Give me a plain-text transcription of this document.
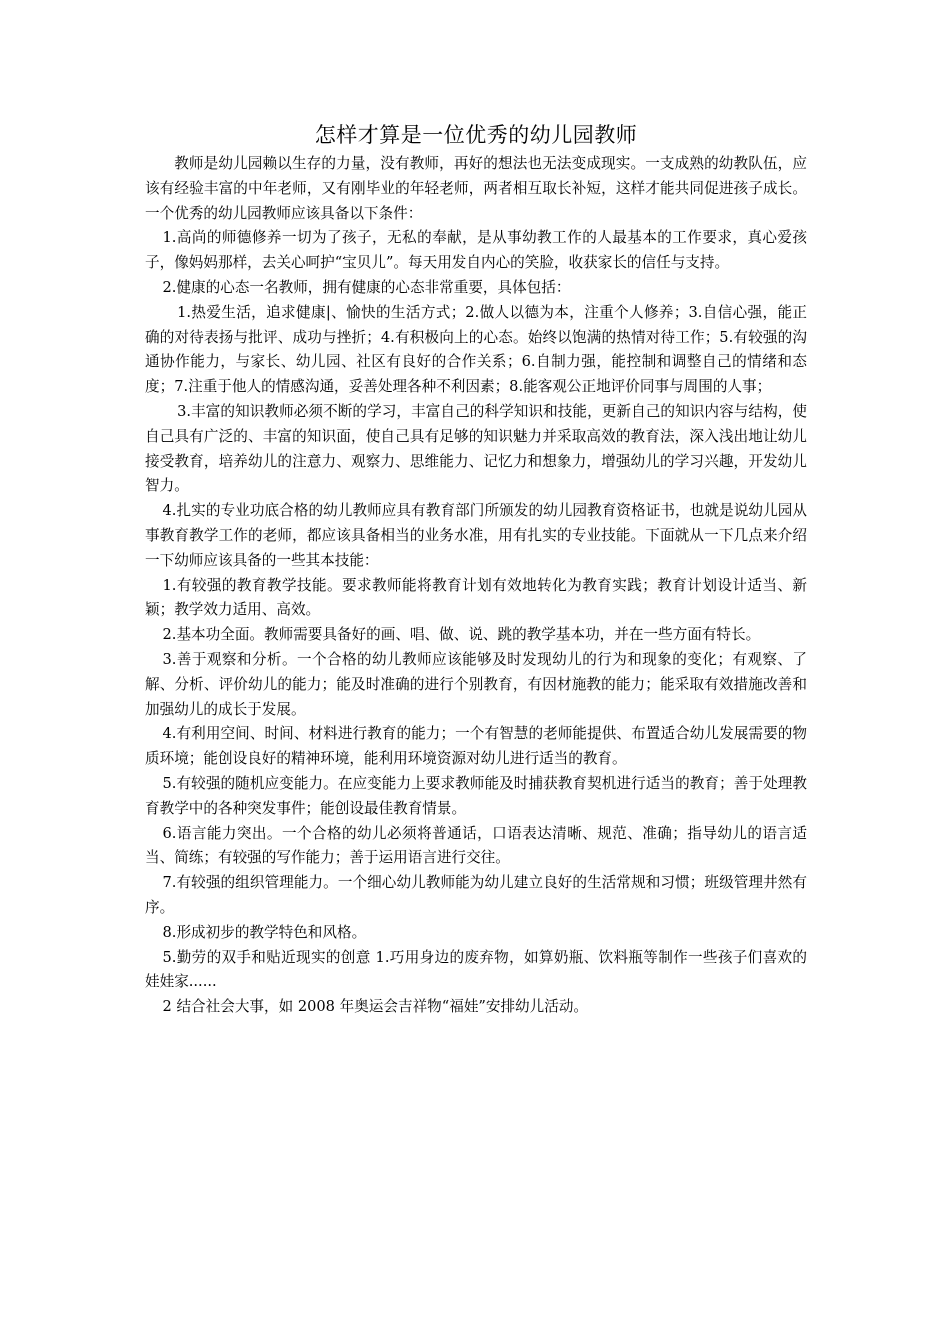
怎样才算是一位优秀的幼儿园教师

教师是幼儿园赖以生存的力量，没有教师，再好的想法也无法变成现实。一支成熟的幼教队伍，应该有经验丰富的中年老师，又有刚毕业的年轻老师，两者相互取长补短，这样才能共同促进孩子成长。一个优秀的幼儿园教师应该具备以下条件：

1.高尚的师德修养一切为了孩子，无私的奉献，是从事幼教工作的人最基本的工作要求，真心爱孩子，像妈妈那样，去关心呵护“宝贝儿”。每天用发自内心的笑脸，收获家长的信任与支持。

2.健康的心态一名教师，拥有健康的心态非常重要，具体包括：

1.热爱生活，追求健康|、愉快的生活方式；2.做人以德为本，注重个人修养；3.自信心强，能正确的对待表扬与批评、成功与挫折；4.有积极向上的心态。始终以饱满的热情对待工作；5.有较强的沟通协作能力，与家长、幼儿园、社区有良好的合作关系；6.自制力强，能控制和调整自己的情绪和态度；7.注重于他人的情感沟通，妥善处理各种不利因素；8.能客观公正地评价同事与周围的人事；

3.丰富的知识教师必须不断的学习，丰富自己的科学知识和技能，更新自己的知识内容与结构，使自己具有广泛的、丰富的知识面，使自己具有足够的知识魅力并采取高效的教育法，深入浅出地让幼儿接受教育，培养幼儿的注意力、观察力、思维能力、记忆力和想象力，增强幼儿的学习兴趣，开发幼儿智力。

4.扎实的专业功底合格的幼儿教师应具有教育部门所颁发的幼儿园教育资格证书，也就是说幼儿园从事教育教学工作的老师，都应该具备相当的业务水准，用有扎实的专业技能。下面就从一下几点来介绍一下幼师应该具备的一些其本技能：

1.有较强的教育教学技能。要求教师能将教育计划有效地转化为教育实践；教育计划设计适当、新颖；教学效力适用、高效。

2.基本功全面。教师需要具备好的画、唱、做、说、跳的教学基本功，并在一些方面有特长。

3.善于观察和分析。一个合格的幼儿教师应该能够及时发现幼儿的行为和现象的变化；有观察、了解、分析、评价幼儿的能力；能及时准确的进行个别教育，有因材施教的能力；能采取有效措施改善和加强幼儿的成长于发展。

4.有利用空间、时间、材料进行教育的能力；一个有智慧的老师能提供、布置适合幼儿发展需要的物质环境；能创设良好的精神环境，能利用环境资源对幼儿进行适当的教育。

5.有较强的随机应变能力。在应变能力上要求教师能及时捕获教育契机进行适当的教育；善于处理教育教学中的各种突发事件；能创设最佳教育情景。

6.语言能力突出。一个合格的幼儿必须将普通话，口语表达清晰、规范、准确；指导幼儿的语言适当、简练；有较强的写作能力；善于运用语言进行交往。

7.有较强的组织管理能力。一个细心幼儿教师能为幼儿建立良好的生活常规和习惯；班级管理井然有序。

8.形成初步的教学特色和风格。

5.勤劳的双手和贴近现实的创意 1.巧用身边的废弃物，如算奶瓶、饮料瓶等制作一些孩子们喜欢的娃娃家......

2 结合社会大事，如 2008 年奥运会吉祥物“福娃”安排幼儿活动。
